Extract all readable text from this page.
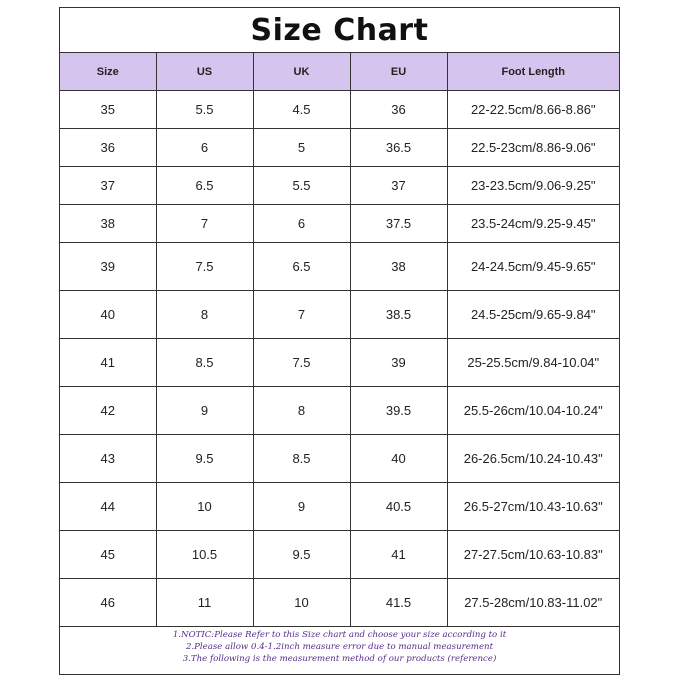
Size Chart
Size	US	UK	EU	Foot Length
35	5.5	4.5	36	22-22.5cm/8.66-8.86"
36	6	5	36.5	22.5-23cm/8.86-9.06"
37	6.5	5.5	37	23-23.5cm/9.06-9.25"
38	7	6	37.5	23.5-24cm/9.25-9.45"
39	7.5	6.5	38	24-24.5cm/9.45-9.65"
40	8	7	38.5	24.5-25cm/9.65-9.84"
41	8.5	7.5	39	25-25.5cm/9.84-10.04"
42	9	8	39.5	25.5-26cm/10.04-10.24"
43	9.5	8.5	40	26-26.5cm/10.24-10.43"
44	10	9	40.5	26.5-27cm/10.43-10.63"
45	10.5	9.5	41	27-27.5cm/10.63-10.83"
46	11	10	41.5	27.5-28cm/10.83-11.02"
1.NOTIC:Please Refer to this Size chart and choose your size according to it
2.Please allow 0.4-1.2inch measure error due to manual measurement
3.The following is the measurement method of our products (reference)
